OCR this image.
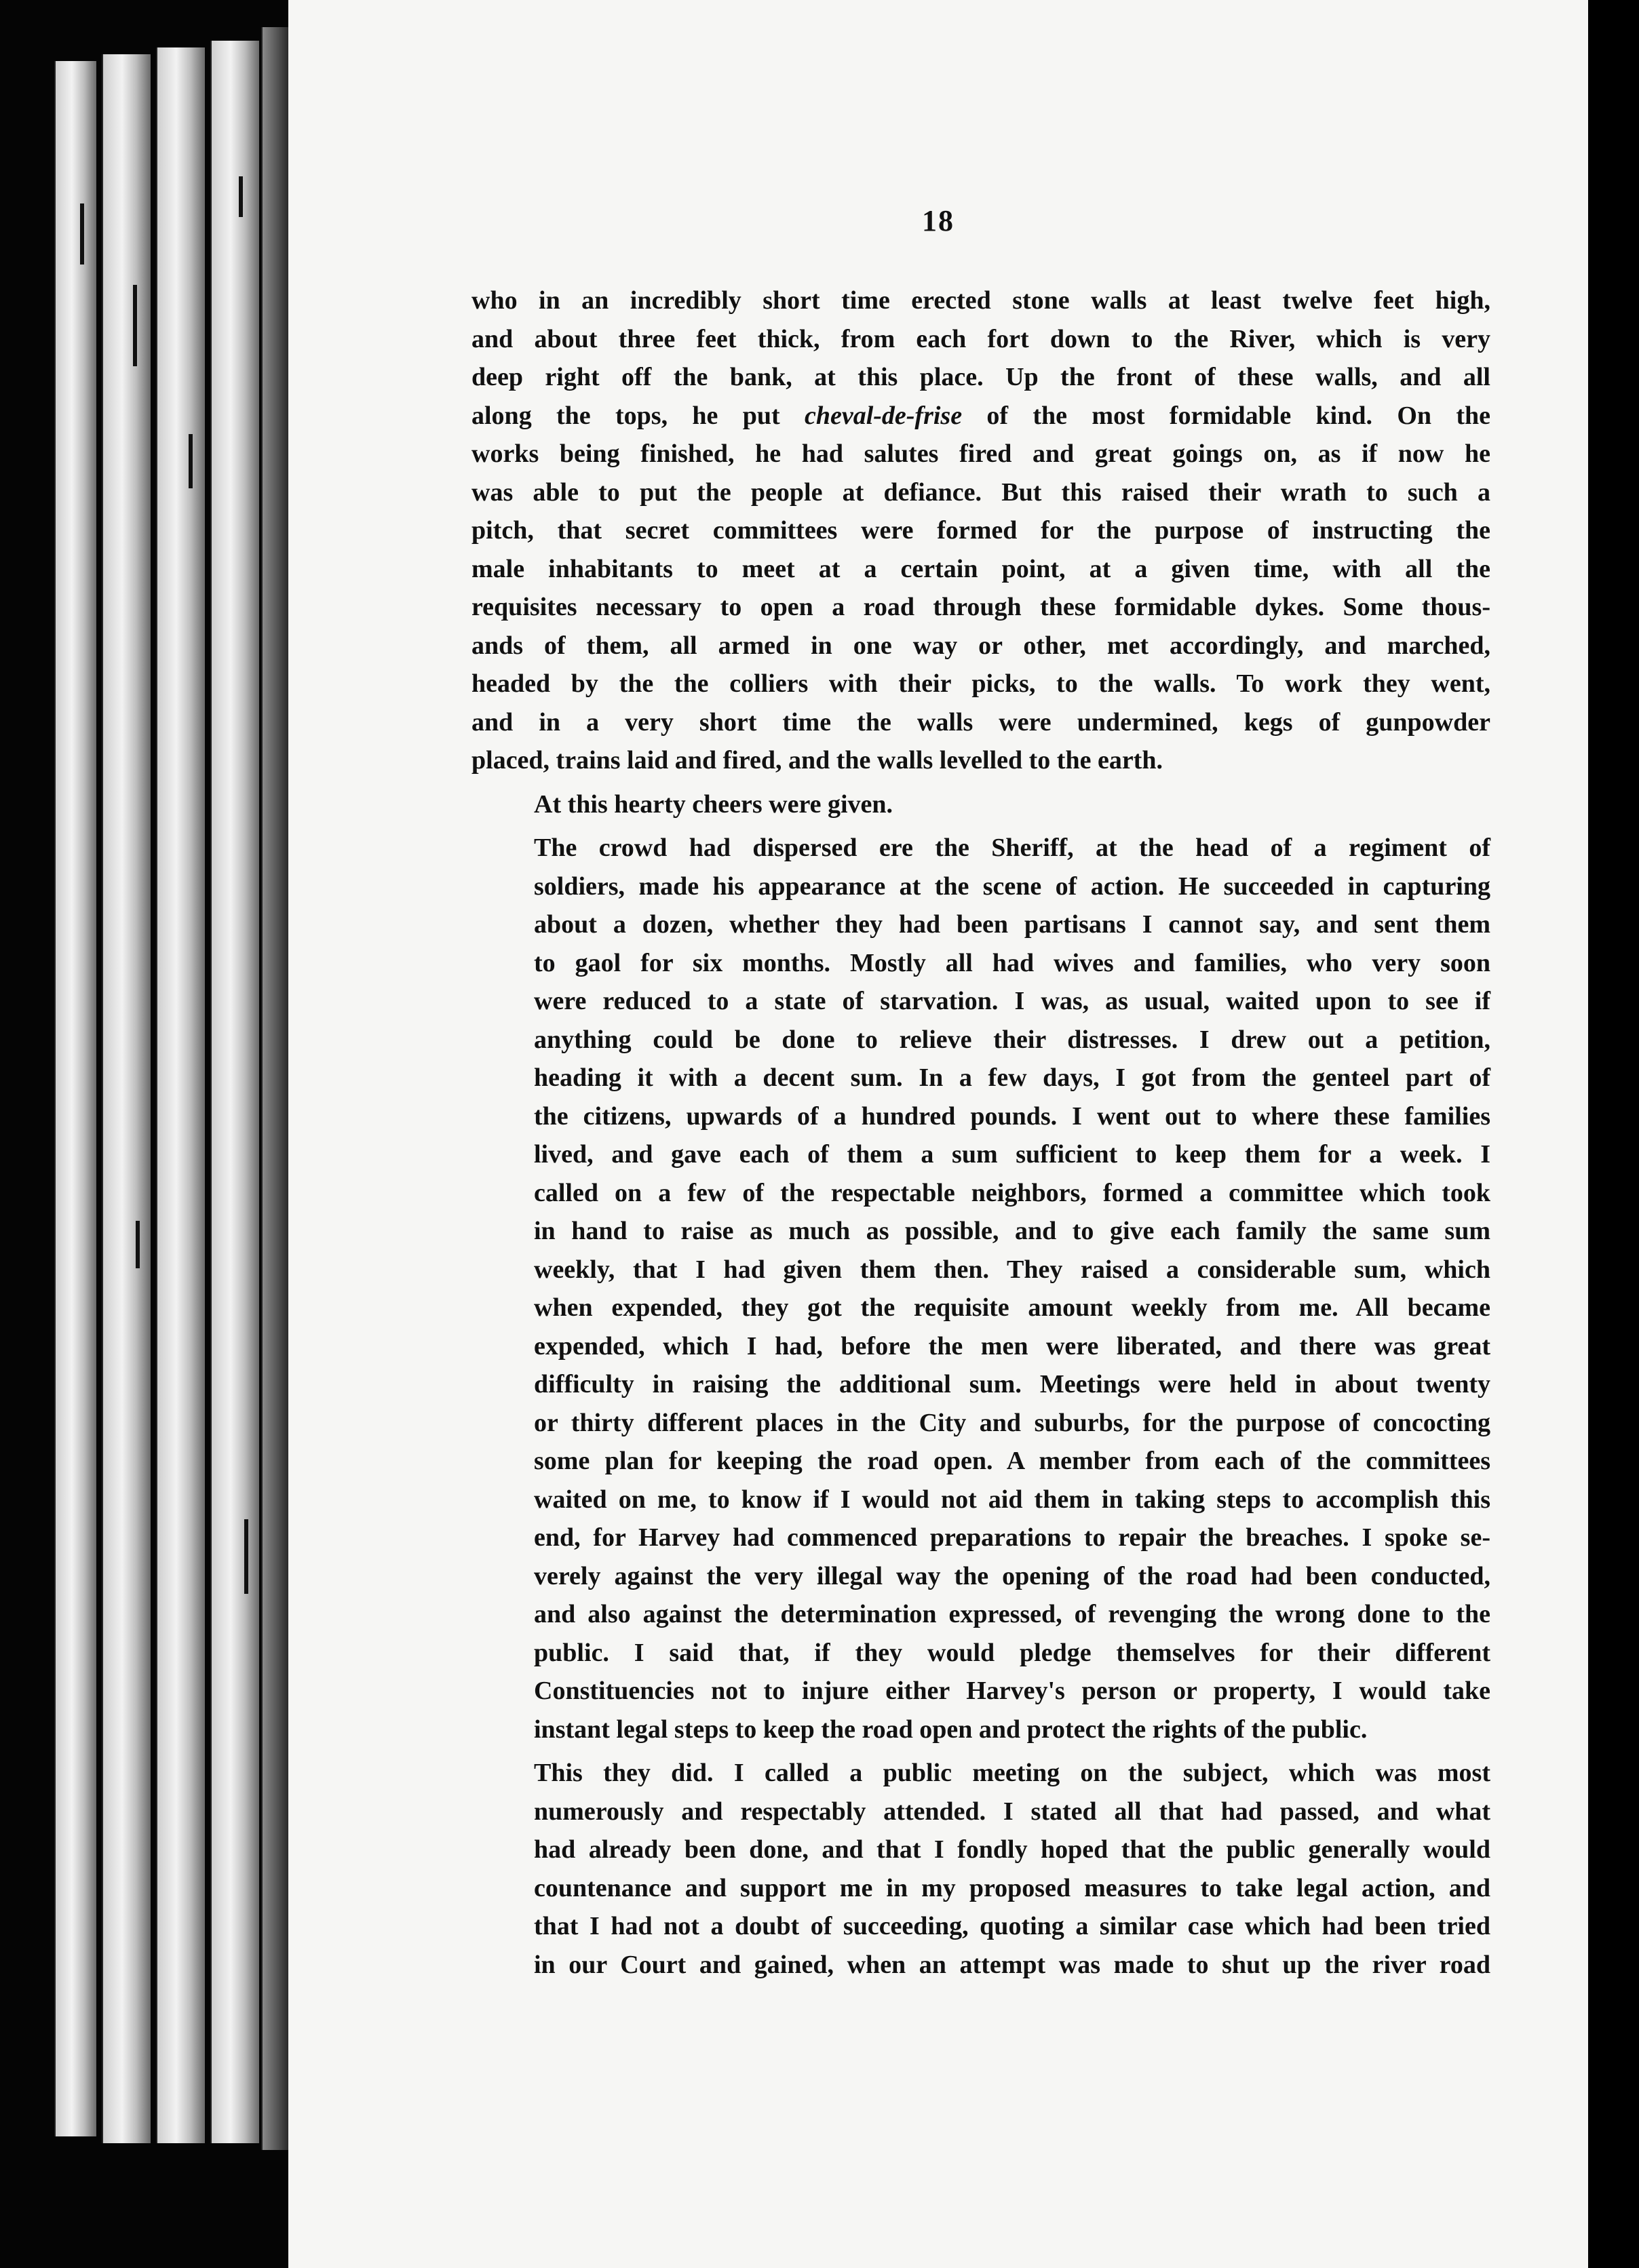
18

who in an incredibly short time erected stone walls at least twelve feet high,
and about three feet thick, from each fort down to the River, which is very
deep right off the bank, at this place. Up the front of these walls, and all
along the tops, he put cheval-de-frise of the most formidable kind. On the
works being finished, he had salutes fired and great goings on, as if now he
was able to put the people at defiance. But this raised their wrath to such a
pitch, that secret committees were formed for the purpose of instructing the
male inhabitants to meet at a certain point, at a given time, with all the
requisites necessary to open a road through these formidable dykes. Some thous-
ands of them, all armed in one way or other, met accordingly, and marched,
headed by the the colliers with their picks, to the walls. To work they went,
and in a very short time the walls were undermined, kegs of gunpowder
placed, trains laid and fired, and the walls levelled to the earth.

At this hearty cheers were given.

The crowd had dispersed ere the Sheriff, at the head of a regiment of
soldiers, made his appearance at the scene of action. He succeeded in capturing
about a dozen, whether they had been partisans I cannot say, and sent them
to gaol for six months. Mostly all had wives and families, who very soon
were reduced to a state of starvation. I was, as usual, waited upon to see if
anything could be done to relieve their distresses. I drew out a petition,
heading it with a decent sum. In a few days, I got from the genteel part of
the citizens, upwards of a hundred pounds. I went out to where these families
lived, and gave each of them a sum sufficient to keep them for a week. I
called on a few of the respectable neighbors, formed a committee which took
in hand to raise as much as possible, and to give each family the same sum
weekly, that I had given them then. They raised a considerable sum, which
when expended, they got the requisite amount weekly from me. All became
expended, which I had, before the men were liberated, and there was great
difficulty in raising the additional sum. Meetings were held in about twenty
or thirty different places in the City and suburbs, for the purpose of concocting
some plan for keeping the road open. A member from each of the committees
waited on me, to know if I would not aid them in taking steps to accomplish this
end, for Harvey had commenced preparations to repair the breaches. I spoke se-
verely against the very illegal way the opening of the road had been conducted,
and also against the determination expressed, of revenging the wrong done to the
public. I said that, if they would pledge themselves for their different
Constituencies not to injure either Harvey's person or property, I would take
instant legal steps to keep the road open and protect the rights of the public.

This they did. I called a public meeting on the subject, which was most
numerously and respectably attended. I stated all that had passed, and what
had already been done, and that I fondly hoped that the public generally would
countenance and support me in my proposed measures to take legal action, and
that I had not a doubt of succeeding, quoting a similar case which had been tried
in our Court and gained, when an attempt was made to shut up the river road
